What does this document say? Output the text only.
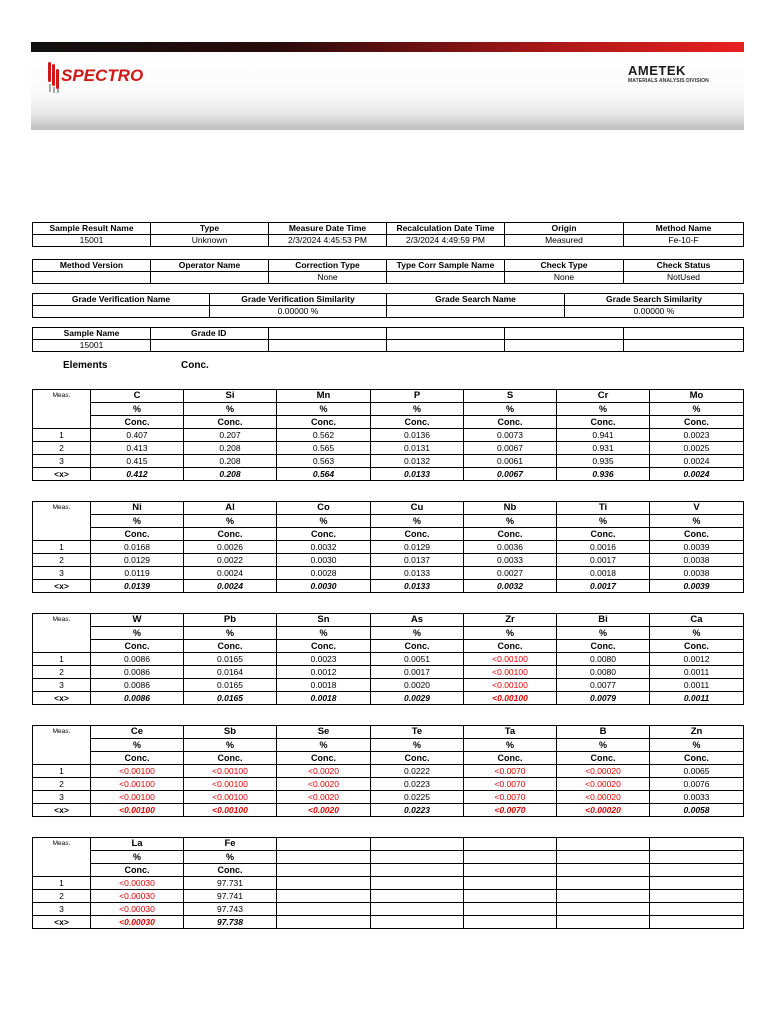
SPECTRO	AMETEK
MATERIALS ANALYSIS DIVISION
Sample Result Name	Type	Measure Date Time	Recalculation Date Time	Origin	Method Name
15001	Unknown	2/3/2024 4:45:53 PM	2/3/2024 4:49:59 PM	Measured	Fe-10-F
Method Version	Operator Name	Correction Type	Type Corr Sample Name	Check Type	Check Status
		None		None	NotUsed
Grade Verification Name	Grade Verification Similarity	Grade Search Name	Grade Search Similarity
	0.00000 %		0.00000 %
Sample Name	Grade ID				
15001					
Elements	Conc.
Meas.	C	Si	Mn	P	S	Cr	Mo
	%	%	%	%	%	%	%
	Conc.	Conc.	Conc.	Conc.	Conc.	Conc.	Conc.
1	0.407	0.207	0.562	0.0136	0.0073	0.941	0.0023
2	0.413	0.208	0.565	0.0131	0.0067	0.931	0.0025
3	0.415	0.208	0.563	0.0132	0.0061	0.935	0.0024
<x>	0.412	0.208	0.564	0.0133	0.0067	0.936	0.0024
Meas.	Ni	Al	Co	Cu	Nb	Ti	V
	%	%	%	%	%	%	%
	Conc.	Conc.	Conc.	Conc.	Conc.	Conc.	Conc.
1	0.0168	0.0026	0.0032	0.0129	0.0036	0.0016	0.0039
2	0.0129	0.0022	0.0030	0.0137	0.0033	0.0017	0.0038
3	0.0119	0.0024	0.0028	0.0133	0.0027	0.0018	0.0038
<x>	0.0139	0.0024	0.0030	0.0133	0.0032	0.0017	0.0039
Meas.	W	Pb	Sn	As	Zr	Bi	Ca
	%	%	%	%	%	%	%
	Conc.	Conc.	Conc.	Conc.	Conc.	Conc.	Conc.
1	0.0086	0.0165	0.0023	0.0051	<0.00100	0.0080	0.0012
2	0.0086	0.0164	0.0012	0.0017	<0.00100	0.0080	0.0011
3	0.0086	0.0165	0.0018	0.0020	<0.00100	0.0077	0.0011
<x>	0.0086	0.0165	0.0018	0.0029	<0.00100	0.0079	0.0011
Meas.	Ce	Sb	Se	Te	Ta	B	Zn
	%	%	%	%	%	%	%
	Conc.	Conc.	Conc.	Conc.	Conc.	Conc.	Conc.
1	<0.00100	<0.00100	<0.0020	0.0222	<0.0070	<0.00020	0.0065
2	<0.00100	<0.00100	<0.0020	0.0223	<0.0070	<0.00020	0.0076
3	<0.00100	<0.00100	<0.0020	0.0225	<0.0070	<0.00020	0.0033
<x>	<0.00100	<0.00100	<0.0020	0.0223	<0.0070	<0.00020	0.0058
Meas.	La	Fe					
	%	%					
	Conc.	Conc.					
1	<0.00030	97.731					
2	<0.00030	97.741					
3	<0.00030	97.743					
<x>	<0.00030	97.738					
